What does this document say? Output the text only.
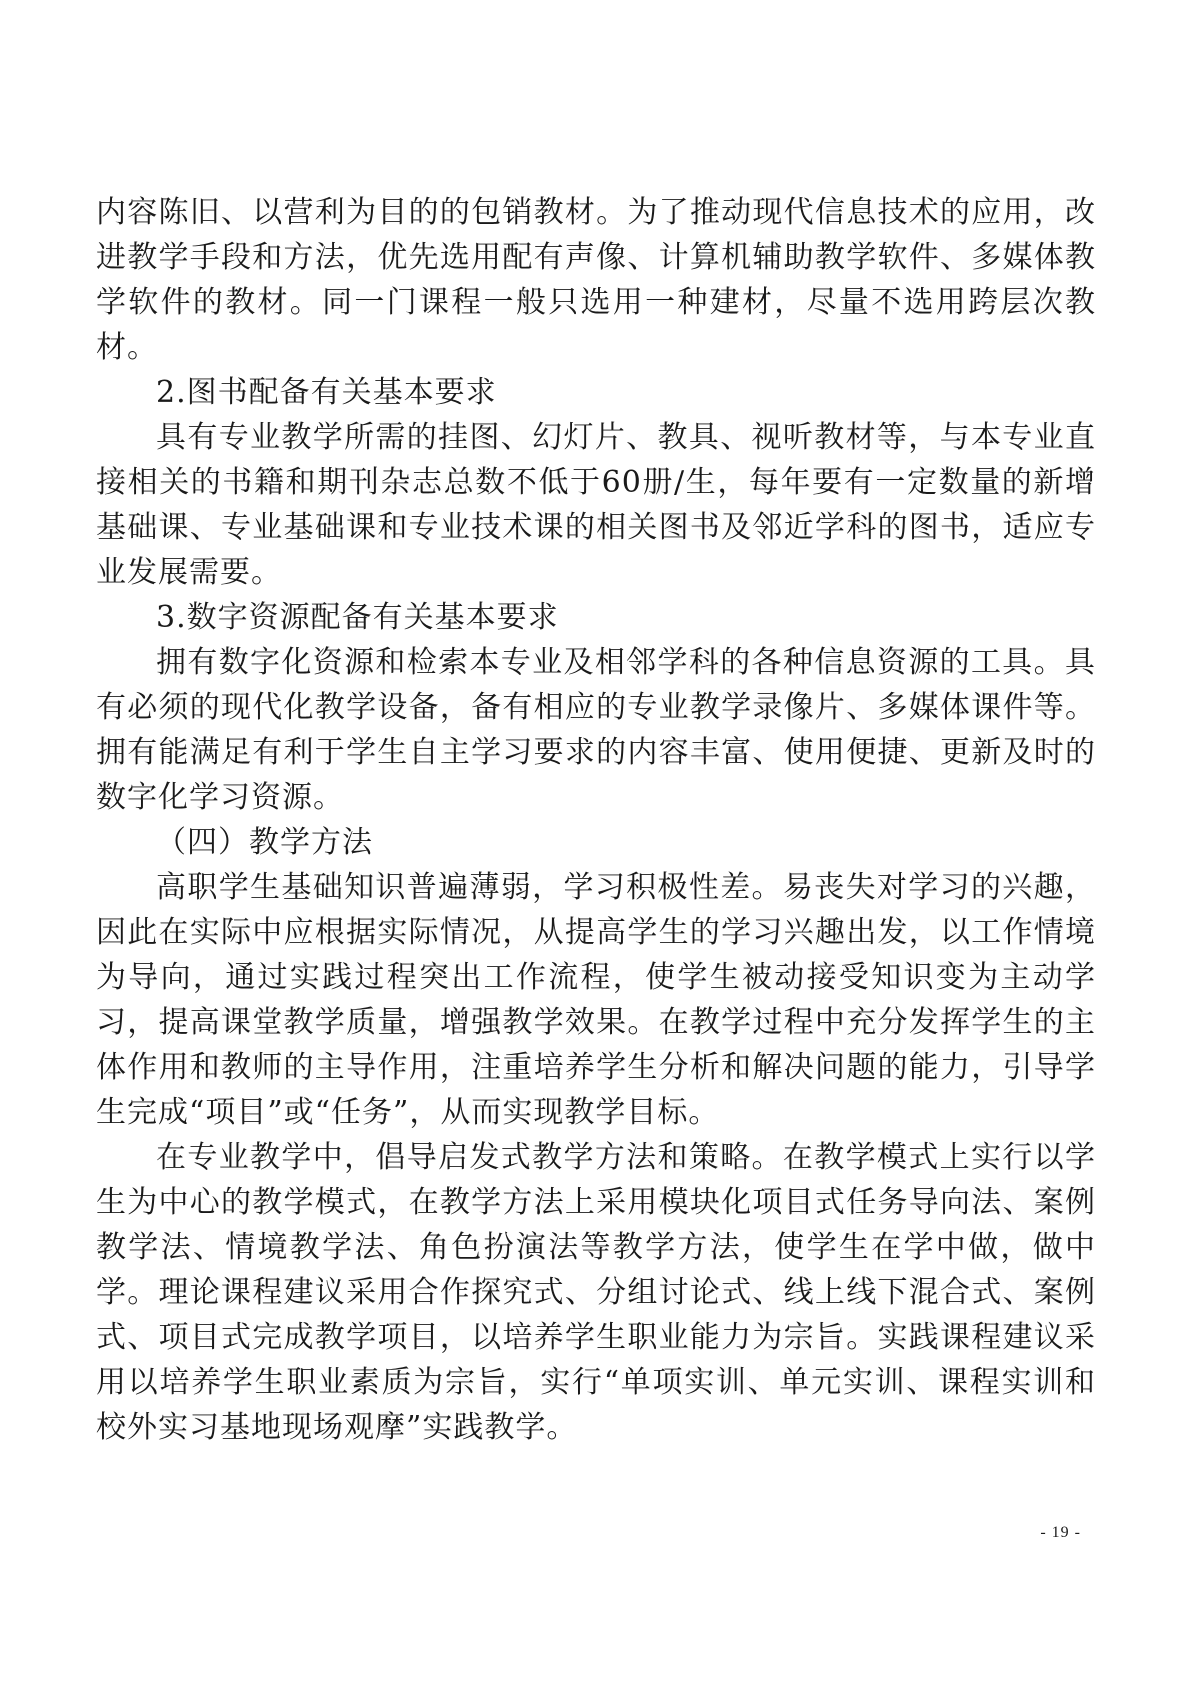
内容陈旧、以营利为目的的包销教材。为了推动现代信息技术的应用，改进教学手段和方法，优先选用配有声像、计算机辅助教学软件、多媒体教学软件的教材。同一门课程一般只选用一种建材，尽量不选用跨层次教材。

2.图书配备有关基本要求

具有专业教学所需的挂图、幻灯片、教具、视听教材等，与本专业直接相关的书籍和期刊杂志总数不低于60册/生，每年要有一定数量的新增基础课、专业基础课和专业技术课的相关图书及邻近学科的图书，适应专业发展需要。

3.数字资源配备有关基本要求

拥有数字化资源和检索本专业及相邻学科的各种信息资源的工具。具有必须的现代化教学设备，备有相应的专业教学录像片、多媒体课件等。拥有能满足有利于学生自主学习要求的内容丰富、使用便捷、更新及时的数字化学习资源。

（四）教学方法

高职学生基础知识普遍薄弱，学习积极性差。易丧失对学习的兴趣，因此在实际中应根据实际情况，从提高学生的学习兴趣出发，以工作情境为导向，通过实践过程突出工作流程，使学生被动接受知识变为主动学习，提高课堂教学质量，增强教学效果。在教学过程中充分发挥学生的主体作用和教师的主导作用，注重培养学生分析和解决问题的能力，引导学生完成“项目”或“任务”，从而实现教学目标。

在专业教学中，倡导启发式教学方法和策略。在教学模式上实行以学生为中心的教学模式，在教学方法上采用模块化项目式任务导向法、案例教学法、情境教学法、角色扮演法等教学方法，使学生在学中做，做中学。理论课程建议采用合作探究式、分组讨论式、线上线下混合式、案例式、项目式完成教学项目，以培养学生职业能力为宗旨。实践课程建议采用以培养学生职业素质为宗旨，实行“单项实训、单元实训、课程实训和校外实习基地现场观摩”实践教学。

- 19 -
